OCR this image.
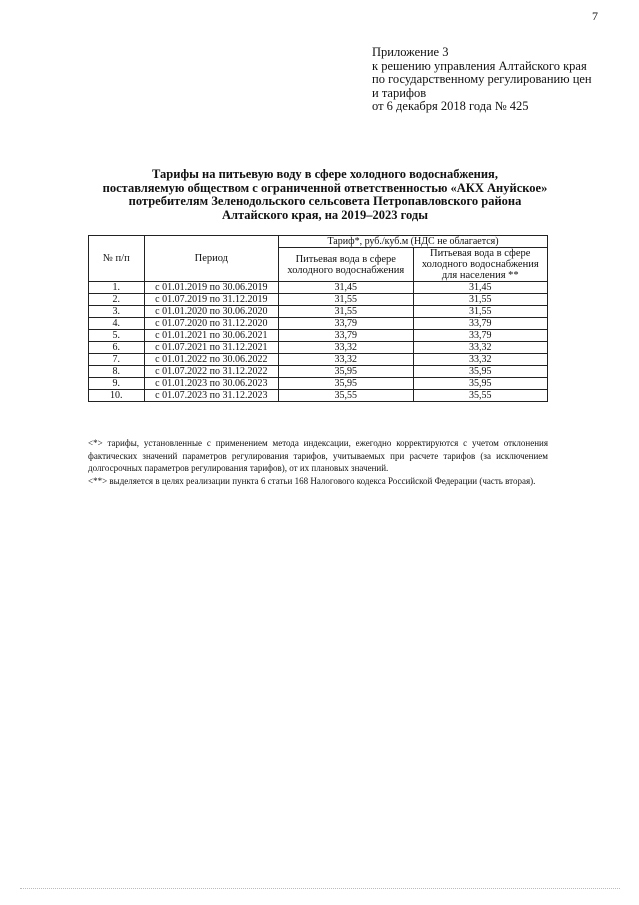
7
Приложение 3
к решению управления Алтайского края
по государственному регулированию цен
и тарифов
от 6 декабря 2018 года № 425
Тарифы на питьевую воду в сфере холодного водоснабжения,
поставляемую обществом с ограниченной ответственностью «АКХ Ануйское»
потребителям Зеленодольского сельсовета Петропавловского района
Алтайского края, на 2019–2023 годы
№ п/п	Период	Тариф*, руб./куб.м (НДС не облагается)	
		Питьевая вода в сфере холодного водоснабжения	Питьевая вода в сфере холодного водоснабжения для населения **
1.	с 01.01.2019 по 30.06.2019	31,45	31,45
2.	с 01.07.2019 по 31.12.2019	31,55	31,55
3.	с 01.01.2020 по 30.06.2020	31,55	31,55
4.	с 01.07.2020 по 31.12.2020	33,79	33,79
5.	с 01.01.2021 по 30.06.2021	33,79	33,79
6.	с 01.07.2021 по 31.12.2021	33,32	33,32
7.	с 01.01.2022 по 30.06.2022	33,32	33,32
8.	с 01.07.2022 по 31.12.2022	35,95	35,95
9.	с 01.01.2023 по 30.06.2023	35,95	35,95
10.	с 01.07.2023 по 31.12.2023	35,55	35,55

<*> тарифы, установленные с применением метода индексации, ежегодно корректируются с учетом отклонения фактических значений параметров регулирования тарифов, учитываемых при расчете тарифов (за исключением долгосрочных параметров регулирования тарифов), от их плановых значений.

<**> выделяется в целях реализации пункта 6 статьи 168 Налогового кодекса Российской Федерации (часть вторая).
